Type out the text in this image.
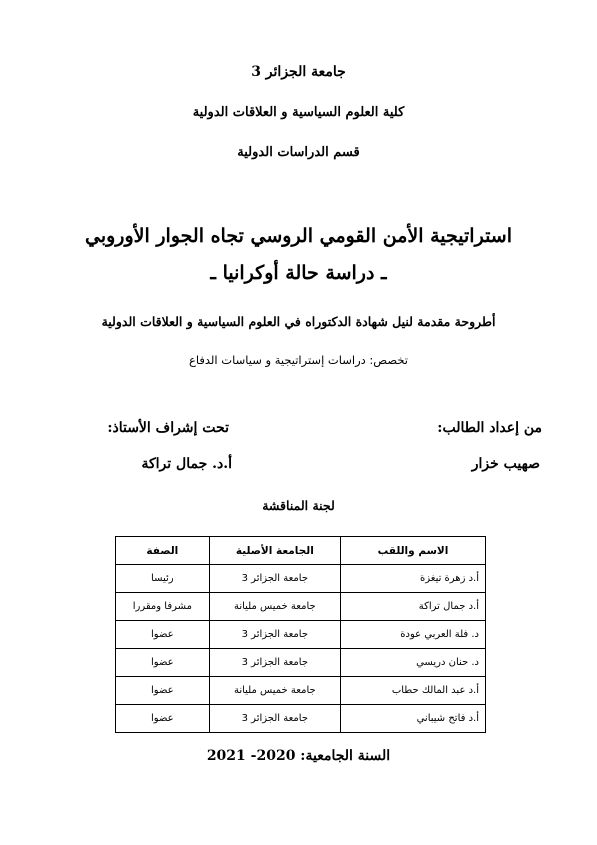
جامعة الجزائر 3
كلية العلوم السياسية و العلاقات الدولية
قسم الدراسات الدولية
استراتيجية الأمن القومي الروسي تجاه الجوار الأوروبي
ـ دراسة حالة أوكرانيا ـ
أطروحة مقدمة لنيل شهادة الدكتوراه في العلوم السياسية و العلاقات الدولية
تخصص: دراسات إستراتيجية و سياسات الدفاع
من إعداد الطالب:
صهيب خزار
تحت إشراف الأستاذ:
أ.د. جمال تراكة
لجنة المناقشة
الاسم واللقب	الجامعة الأصلية	الصفة
أ.د زهرة تيغزة	جامعة الجزائر 3	رئيسا
أ.د جمال تراكة	جامعة خميس مليانة	مشرفا ومقررا
د. فلة العربي عودة	جامعة الجزائر 3	عضوا
د. حنان دريسي	جامعة الجزائر 3	عضوا
أ.د عبد المالك حطاب	جامعة خميس مليانة	عضوا
أ.د فاتح شيباني	جامعة الجزائر 3	عضوا
السنة الجامعية: 2020- 2021
